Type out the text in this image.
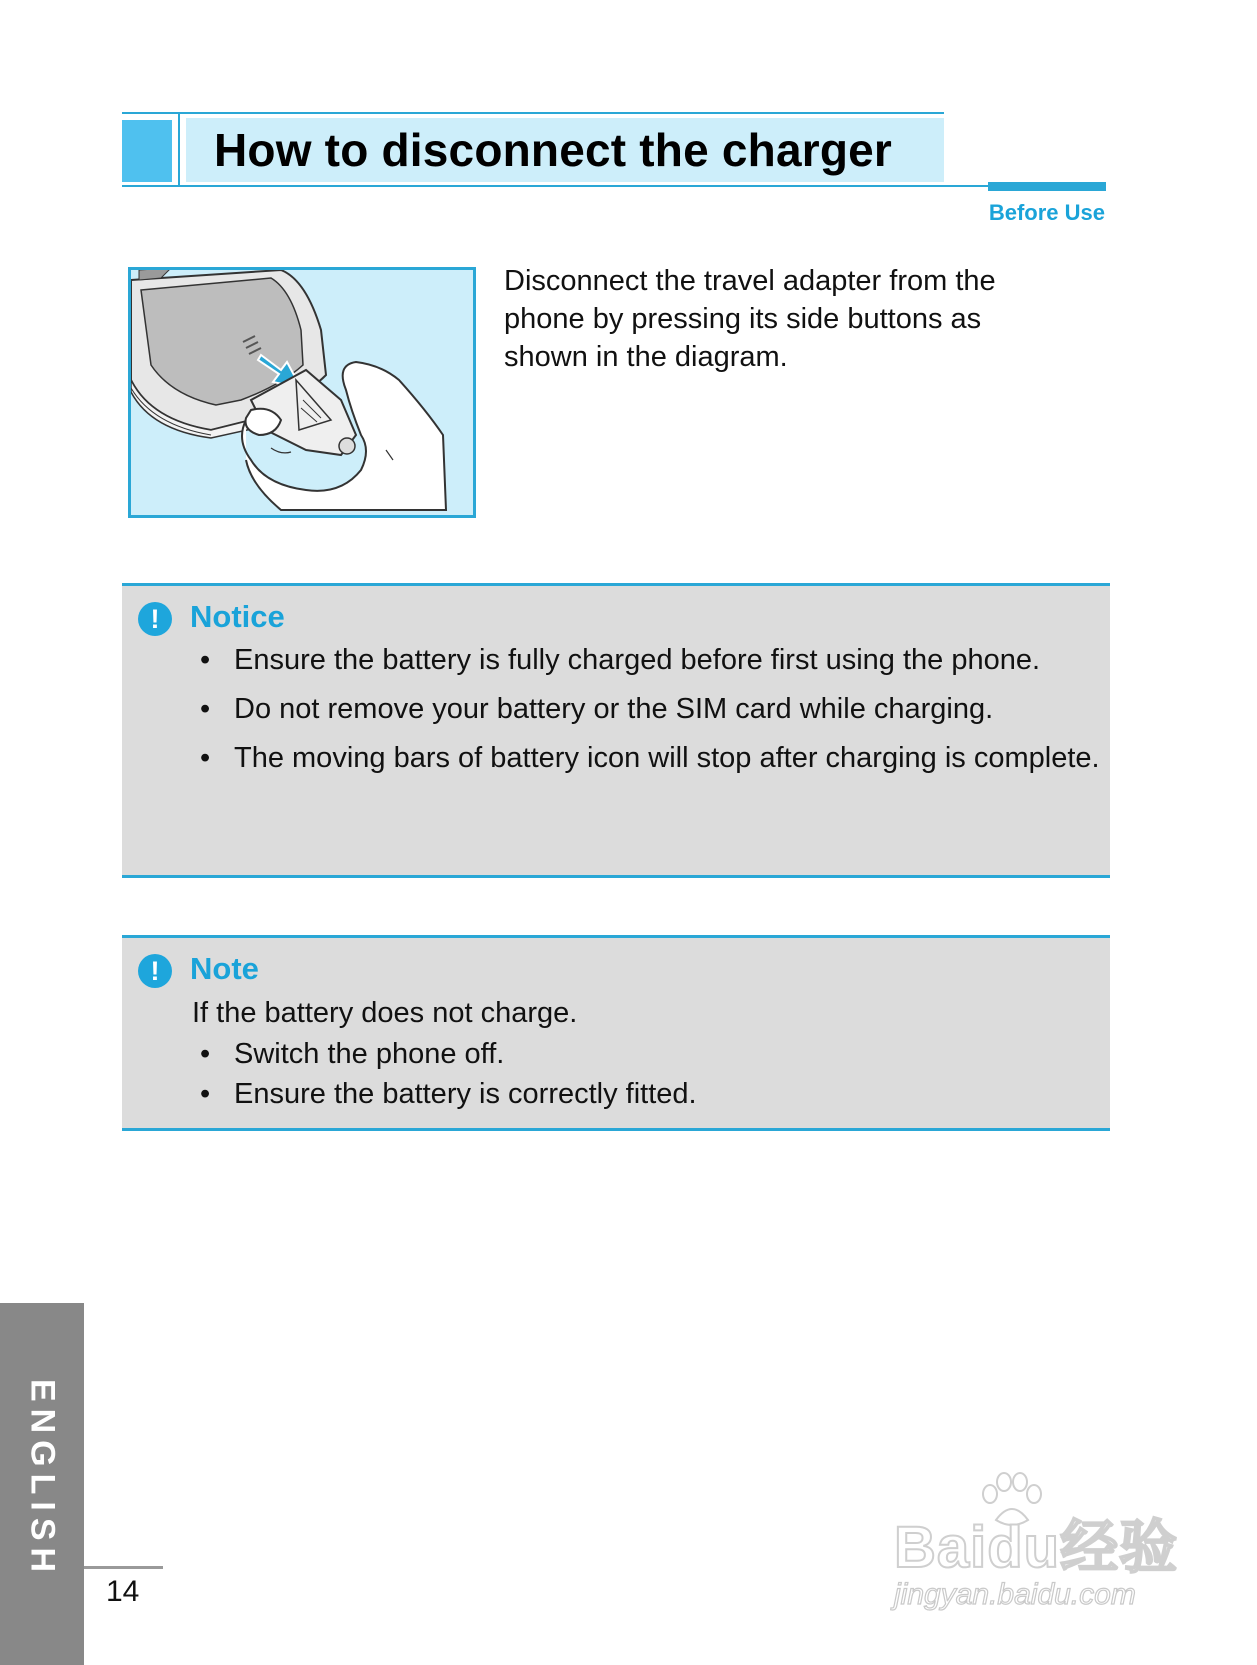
How to disconnect the charger
Before Use
Disconnect the travel adapter from the phone by pressing its side buttons as shown in the diagram.
! Notice
• Ensure the battery is fully charged before first using the phone.
• Do not remove your battery or the SIM card while charging.
• The moving bars of battery icon will stop after charging is complete.
! Note
If the battery does not charge.
• Switch the phone off.
• Ensure the battery is correctly fitted.
ENGLISH
14
Baidu经验
jingyan.baidu.com
